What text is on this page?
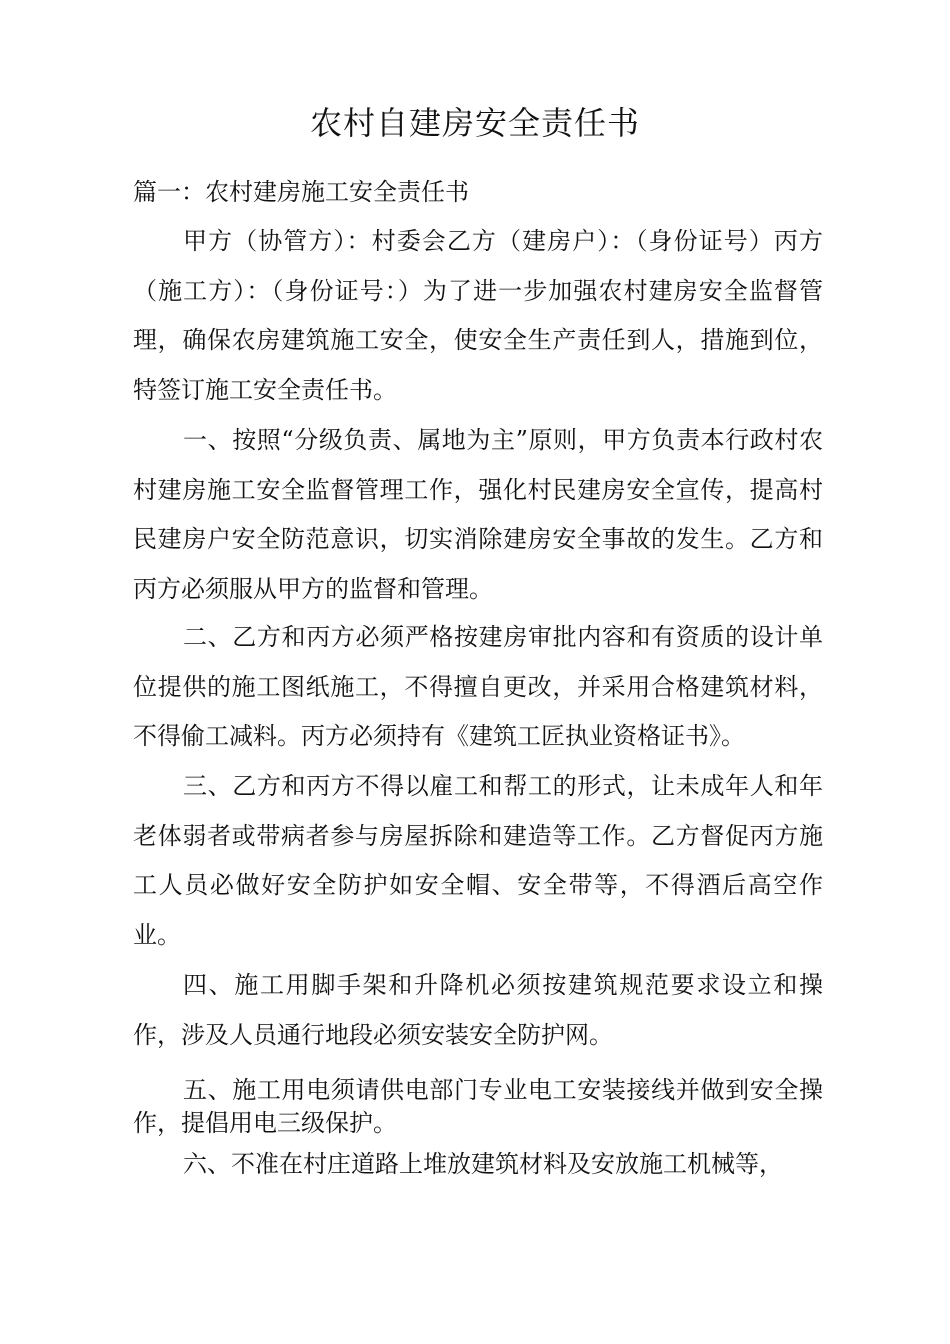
农村自建房安全责任书

篇一：农村建房施工安全责任书

甲方（协管方）：村委会乙方（建房户）：（身份证号）丙方（施工方）：（身份证号：）为了进一步加强农村建房安全监督管理，确保农房建筑施工安全，使安全生产责任到人，措施到位，特签订施工安全责任书。

一、按照“分级负责、属地为主”原则，甲方负责本行政村农村建房施工安全监督管理工作，强化村民建房安全宣传，提高村民建房户安全防范意识，切实消除建房安全事故的发生。乙方和丙方必须服从甲方的监督和管理。

二、乙方和丙方必须严格按建房审批内容和有资质的设计单位提供的施工图纸施工，不得擅自更改，并采用合格建筑材料，不得偷工减料。丙方必须持有《建筑工匠执业资格证书》。

三、乙方和丙方不得以雇工和帮工的形式，让未成年人和年老体弱者或带病者参与房屋拆除和建造等工作。乙方督促丙方施工人员必做好安全防护如安全帽、安全带等，不得酒后高空作业。

四、施工用脚手架和升降机必须按建筑规范要求设立和操作，涉及人员通行地段必须安装安全防护网。

五、施工用电须请供电部门专业电工安装接线并做到安全操作，提倡用电三级保护。

六、不准在村庄道路上堆放建筑材料及安放施工机械等，
